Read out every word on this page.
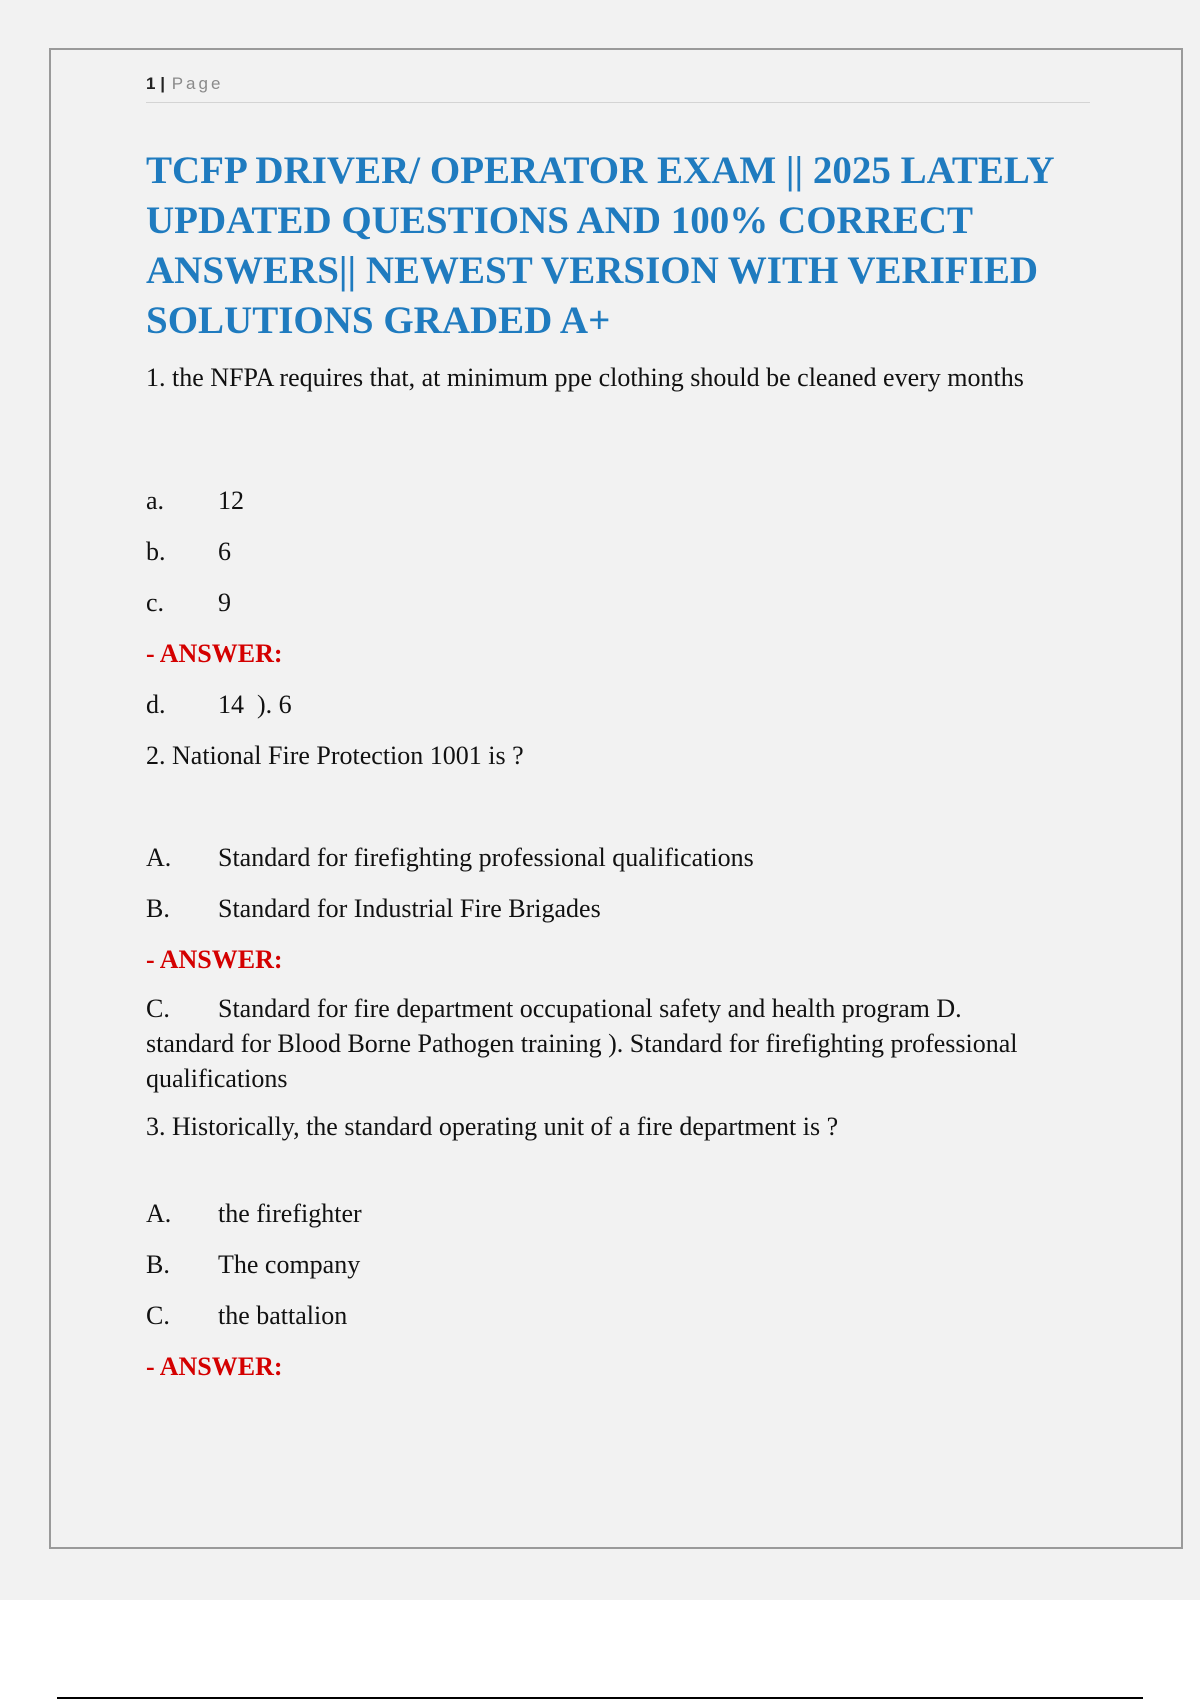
1 | Page
TCFP DRIVER/ OPERATOR EXAM || 2025 LATELY UPDATED QUESTIONS AND 100% CORRECT ANSWERS|| NEWEST VERSION WITH VERIFIED SOLUTIONS GRADED A+

1. the NFPA requires that, at minimum ppe clothing should be cleaned every months

a.	12
b.	6
c.	9
- ANSWER:
d.	14  ). 6
2. National Fire Protection 1001 is ?
A.	Standard for firefighting professional qualifications
B.	Standard for Industrial Fire Brigades
- ANSWER:

C. Standard for fire department occupational safety and health program D. standard for Blood Borne Pathogen training ). Standard for firefighting professional qualifications

3. Historically, the standard operating unit of a fire department is ?
A.	the firefighter
B.	The company
C.	the battalion
- ANSWER:
